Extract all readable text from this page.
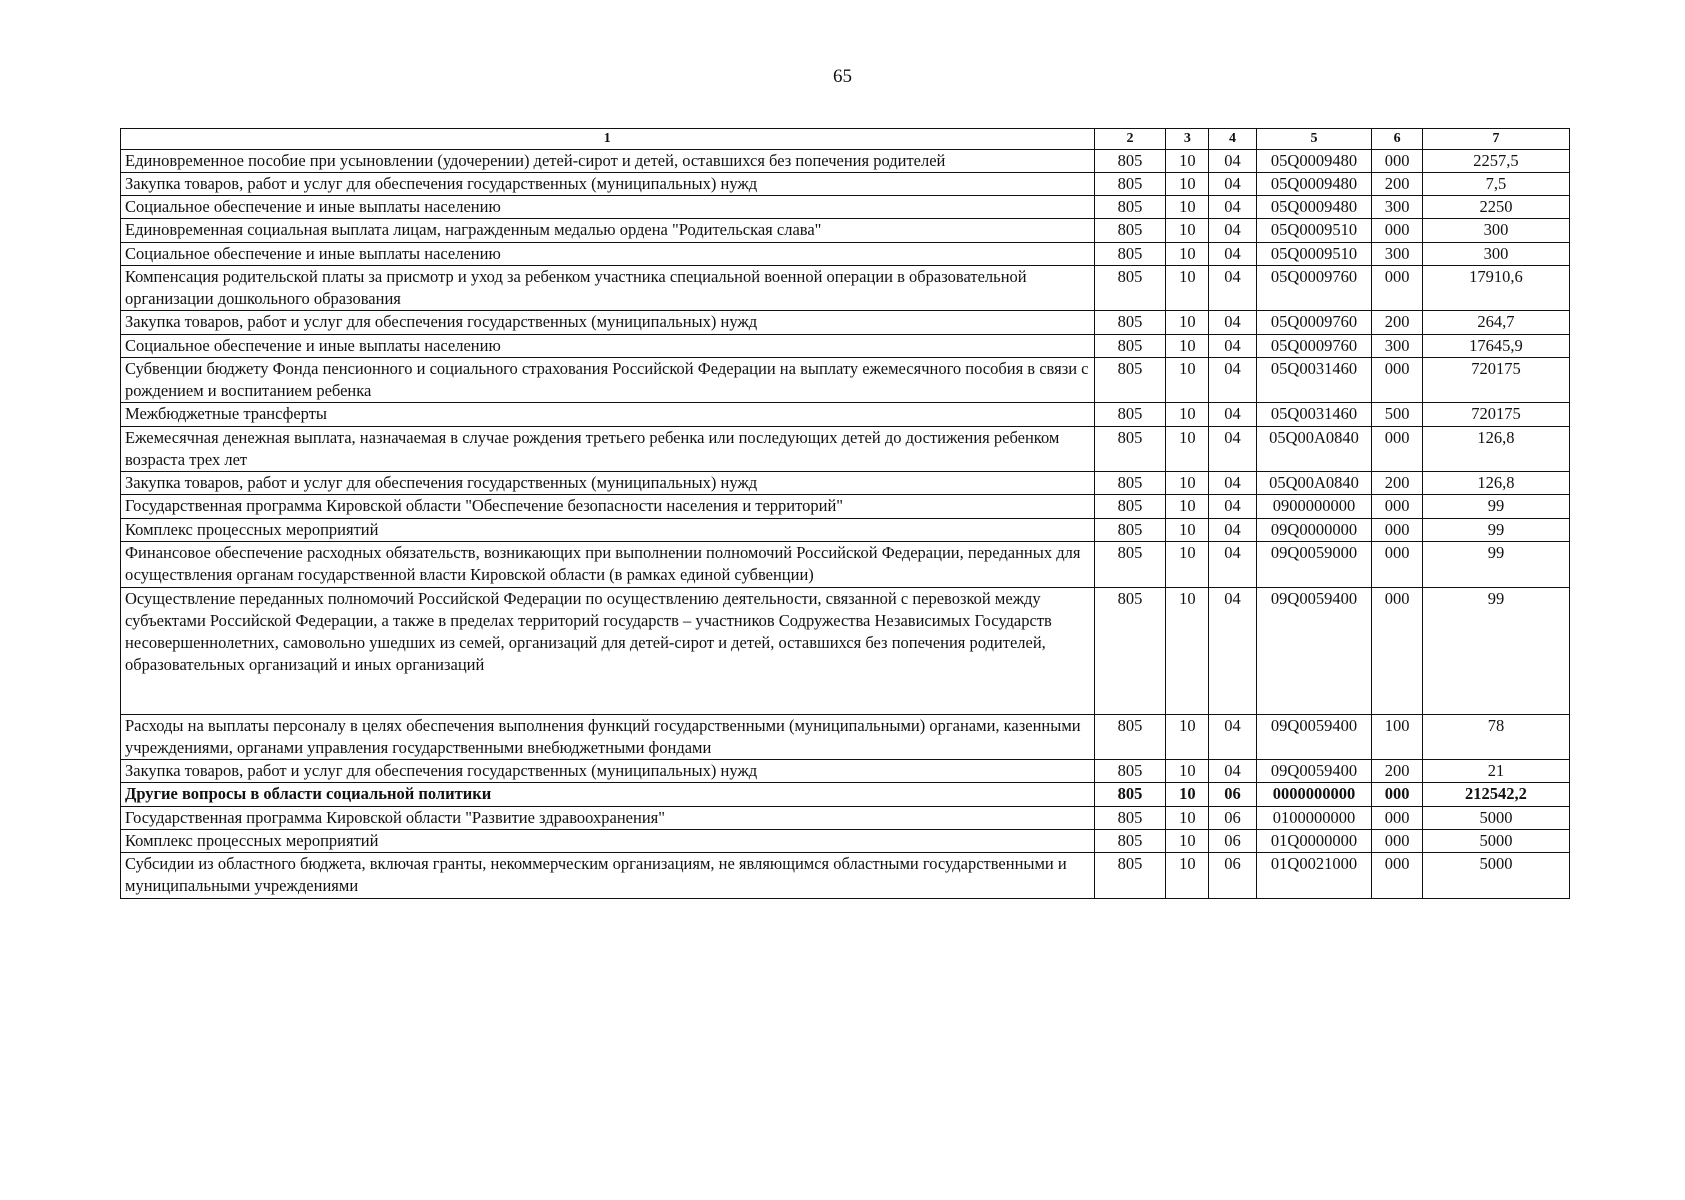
65
1	2	3	4	5	6	7
Единовременное пособие при усыновлении (удочерении) детей-сирот и детей, оставшихся без попечения родителей	805	10	04	05Q0009480	000	2257,5
Закупка товаров, работ и услуг для обеспечения государственных (муниципальных) нужд	805	10	04	05Q0009480	200	7,5
Социальное обеспечение и иные выплаты населению	805	10	04	05Q0009480	300	2250
Единовременная социальная выплата лицам, награжденным медалью ордена "Родительская слава"	805	10	04	05Q0009510	000	300
Социальное обеспечение и иные выплаты населению	805	10	04	05Q0009510	300	300
Компенсация родительской платы за присмотр и уход за ребенком участника специальной военной операции в образовательной организации дошкольного образования	805	10	04	05Q0009760	000	17910,6
Закупка товаров, работ и услуг для обеспечения государственных (муниципальных) нужд	805	10	04	05Q0009760	200	264,7
Социальное обеспечение и иные выплаты населению	805	10	04	05Q0009760	300	17645,9
Субвенции бюджету Фонда пенсионного и социального страхования Российской Федерации на выплату ежемесячного пособия в связи с рождением и воспитанием ребенка	805	10	04	05Q0031460	000	720175
Межбюджетные трансферты	805	10	04	05Q0031460	500	720175
Ежемесячная денежная выплата, назначаемая в случае рождения третьего ребенка или последующих детей до достижения ребенком возраста трех лет	805	10	04	05Q00A0840	000	126,8
Закупка товаров, работ и услуг для обеспечения государственных (муниципальных) нужд	805	10	04	05Q00A0840	200	126,8
Государственная программа Кировской области "Обеспечение безопасности населения и территорий"	805	10	04	0900000000	000	99
Комплекс процессных мероприятий	805	10	04	09Q0000000	000	99
Финансовое обеспечение расходных обязательств, возникающих при выполнении полномочий Российской Федерации, переданных для осуществления органам государственной власти Кировской области (в рамках единой субвенции)	805	10	04	09Q0059000	000	99
Осуществление переданных полномочий Российской Федерации по осуществлению деятельности, связанной с перевозкой между субъектами Российской Федерации, а также в пределах территорий государств – участников Содружества Независимых Государств несовершеннолетних, самовольно ушедших из семей, организаций для детей-сирот и детей, оставшихся без попечения родителей, образовательных организаций и иных организаций	805	10	04	09Q0059400	000	99
Расходы на выплаты персоналу в целях обеспечения выполнения функций государственными (муниципальными) органами, казенными учреждениями, органами управления государственными внебюджетными фондами	805	10	04	09Q0059400	100	78
Закупка товаров, работ и услуг для обеспечения государственных (муниципальных) нужд	805	10	04	09Q0059400	200	21
Другие вопросы в области социальной политики	805	10	06	0000000000	000	212542,2
Государственная программа Кировской области "Развитие здравоохранения"	805	10	06	0100000000	000	5000
Комплекс процессных мероприятий	805	10	06	01Q0000000	000	5000
Субсидии из областного бюджета, включая гранты, некоммерческим организациям, не являющимся областными государственными и муниципальными учреждениями	805	10	06	01Q0021000	000	5000
